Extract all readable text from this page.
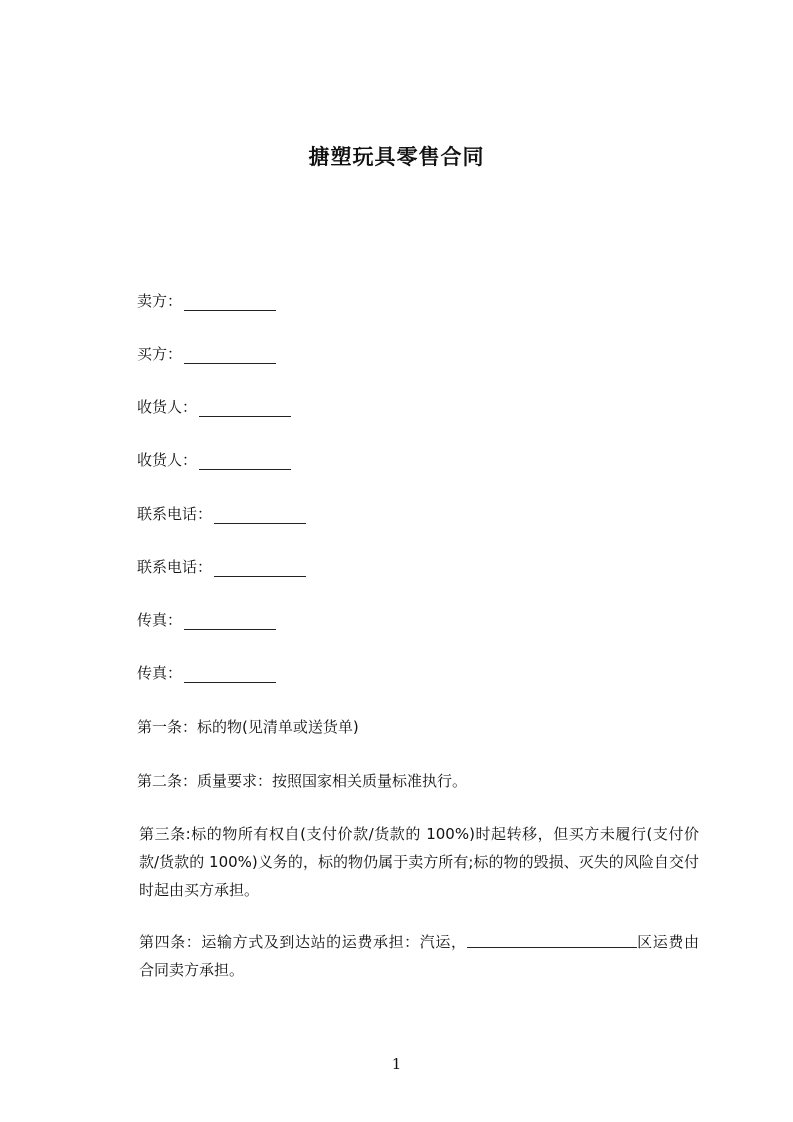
搪塑玩具零售合同
卖方：
买方：
收货人：
收货人：
联系电话：
联系电话：
传真：
传真：
第一条：标的物(见清单或送货单)
第二条：质量要求：按照国家相关质量标准执行。
第三条:标的物所有权自(支付价款/货款的 100%)时起转移，但买方未履行(支付价款/货款的 100%)义务的，标的物仍属于卖方所有;标的物的毁损、灭失的风险自交付时起由买方承担。
第四条：运输方式及到达站的运费承担：汽运，	区运费由合同卖方承担。
1
